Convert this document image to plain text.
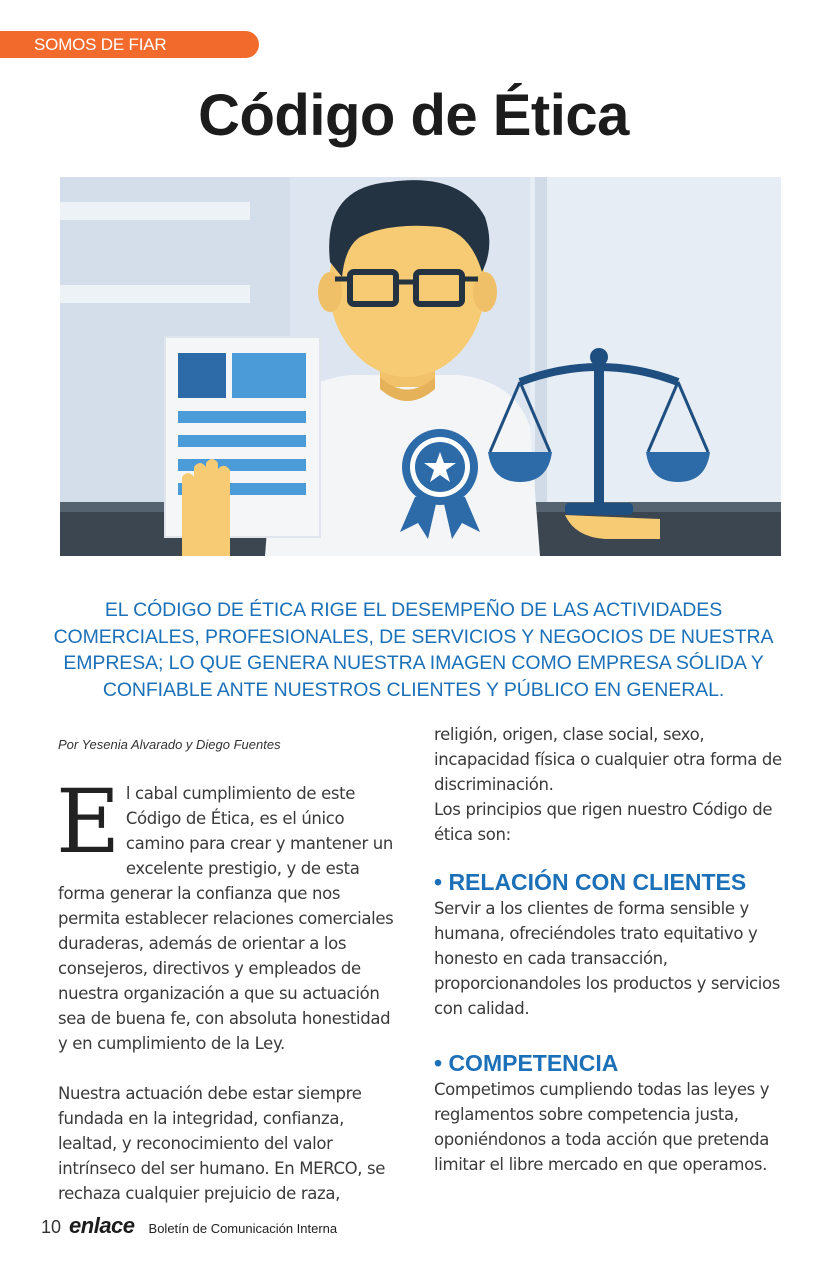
SOMOS DE FIAR
Código de Ética

EL CÓDIGO DE ÉTICA RIGE EL DESEMPEÑO DE LAS ACTIVIDADES COMERCIALES, PROFESIONALES, DE SERVICIOS Y NEGOCIOS DE NUESTRA EMPRESA; LO QUE GENERA NUESTRA IMAGEN COMO EMPRESA SÓLIDA Y CONFIABLE ANTE NUESTROS CLIENTES Y PÚBLICO EN GENERAL.

Por Yesenia Alvarado y Diego Fuentes

E l cabal cumplimiento de este Código de Ética, es el único camino para crear y mantener un excelente prestigio, y de esta forma generar la confianza que nos permita establecer relaciones comerciales duraderas, además de orientar a los consejeros, directivos y empleados de nuestra organización a que su actuación sea de buena fe, con absoluta honestidad y en cumplimiento de la Ley.
Nuestra actuación debe estar siempre fundada en la integridad, confianza, lealtad, y reconocimiento del valor intrínseco del ser humano. En MERCO, se rechaza cualquier prejuicio de raza,
religión, origen, clase social, sexo, incapacidad física o cualquier otra forma de discriminación.
Los principios que rigen nuestro Código de ética son:
• RELACIÓN CON CLIENTES
Servir a los clientes de forma sensible y humana, ofreciéndoles trato equitativo y honesto en cada transacción, proporcionandoles los productos y servicios con calidad.
• COMPETENCIA
Competimos cumpliendo todas las leyes y reglamentos sobre competencia justa, oponiéndonos a toda acción que pretenda limitar el libre mercado en que operamos.
10 enlace Boletín de Comunicación Interna
